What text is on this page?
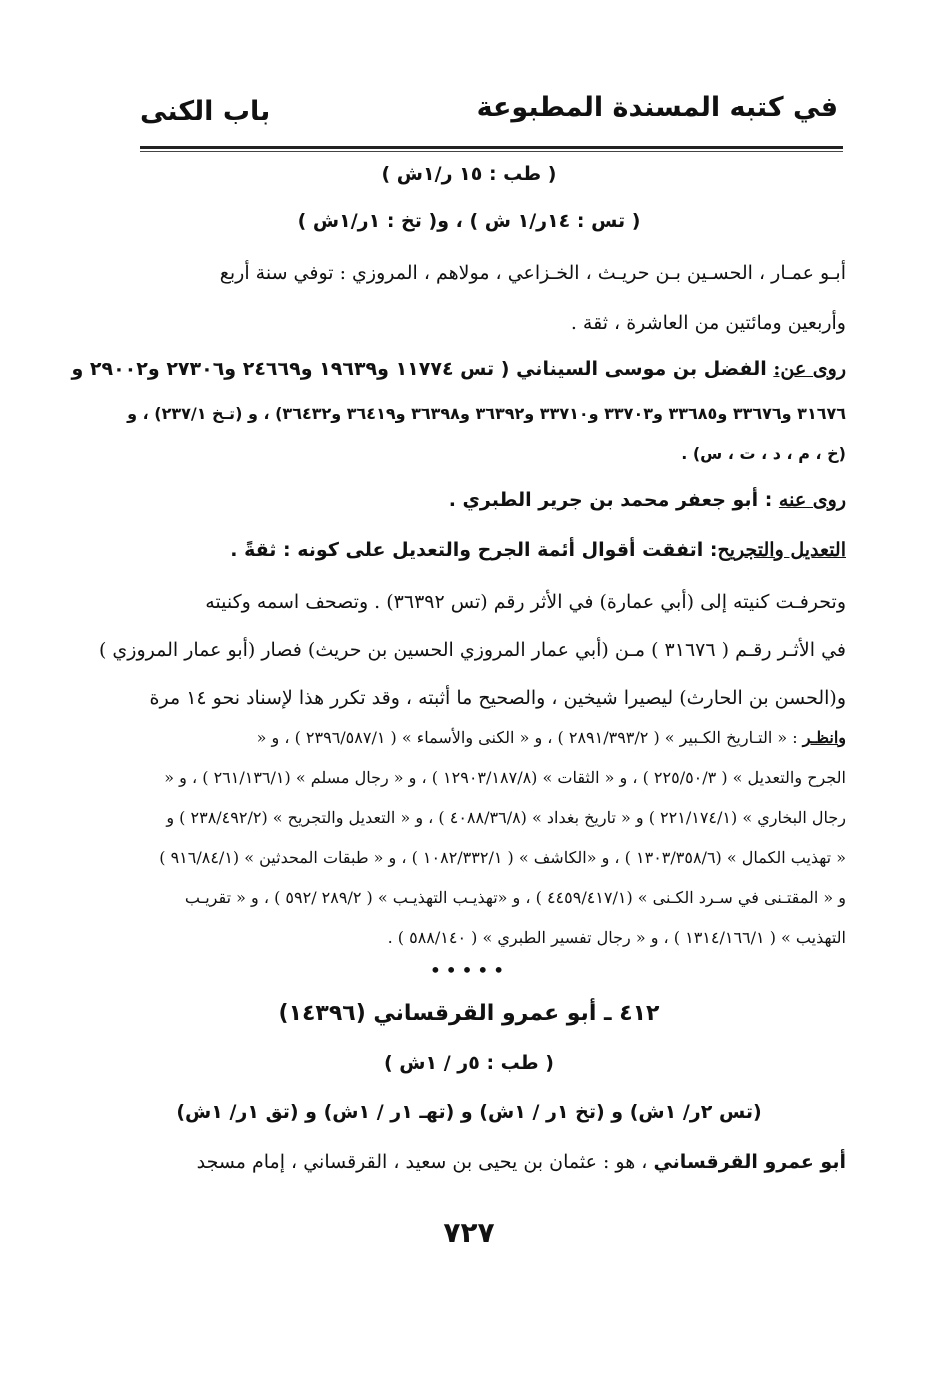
في كتبه المسندة المطبوعة
باب الكنى
( طب : ١٥ ر/١ش )
( تس : ١٤ر/١ ش ) ، و( تخ : ١ر/١ش )
أبـو عمـار ، الحسـين بـن حريـث ، الخـزاعي ، مولاهم ، المروزي : توفي سنة أربع
وأربعين ومائتين من العاشرة ، ثقة .
روى عن: الفضل بن موسى السيناني ( تس ١١٧٧٤ و١٩٦٣٩ و٢٤٦٦٩ و٢٧٣٠٦ و٢٩٠٠٢ و
٣١٦٧٦ و٣٣٦٧٦ و٣٣٦٨٥ و٣٣٧٠٣ و٣٣٧١٠ و٣٦٣٩٢ و٣٦٣٩٨ و٣٦٤١٩ و٣٦٤٣٢) ، و (تـخ ٢٣٧/١) ، و
(خ ، م ، د ، ت ، س) .
روى عنه : أبو جعفر محمد بن جرير الطبري .
التعديل والتجريح: اتفقت أقوال أئمة الجرح والتعديل على كونه : ثقةً .
وتحرفـت كنيته إلى (أبي عمارة) في الأثر رقم (تس ٣٦٣٩٢) . وتصحف اسمه وكنيته
في الأثـر رقـم ( ٣١٦٧٦ ) مـن (أبي عمار المروزي الحسين بن حريث) فصار (أبو عمار المروزي )
و(الحسن بن الحارث) ليصيرا شيخين ، والصحيح ما أثبته ، وقد تكرر هذا لإسناد نحو ١٤ مرة
وانظـر : « التـاريخ الكـبير » ( ٢٨٩١/٣٩٣/٢ ) ، و « الكنى والأسماء » ( ٢٣٩٦/٥٨٧/١ ) ، و «
الجرح والتعديل » ( ٢٢٥/٥٠/٣ ) ، و « الثقات » (١٢٩٠٣/١٨٧/٨ ) ، و « رجال مسلم » (٢٦١/١٣٦/١ ) ، و «
رجال البخاري » (٢٢١/١٧٤/١ ) و « تاريخ بغداد » (٤٠٨٨/٣٦/٨ ) ، و « التعديل والتجريح » (٢٣٨/٤٩٢/٢ ) و
« تهذيب الكمال » (١٣٠٣/٣٥٨/٦ ) ، و «الكاشف » ( ١٠٨٢/٣٣٢/١ ) ، و « طبقات المحدثين » (٩١٦/٨٤/١ )
و « المقتـنى في سـرد الكـنى » (٤٤٥٩/٤١٧/١ ) ، و «تهذيـب التهذيـب » ( ٢٨٩/٢ /٥٩٢ ) ، و « تقريـب
التهذيب » ( ١٣١٤/١٦٦/١ ) ، و « رجال تفسير الطبري » ( ٥٨٨/١٤٠ ) .
•••••
٤١٢ ـ أبو عمرو القرقساني (١٤٣٩٦)
( طب : ٥ر / ١ش )
(تس ٢ر/ ١ش) و (تخ ١ر / ١ش) و (تهـ ١ر / ١ش) و (تق ١ر/ ١ش)
أبو عمرو القرقساني ، هو : عثمان بن يحيى بن سعيد ، القرقساني ، إمام مسجد
٧٢٧
